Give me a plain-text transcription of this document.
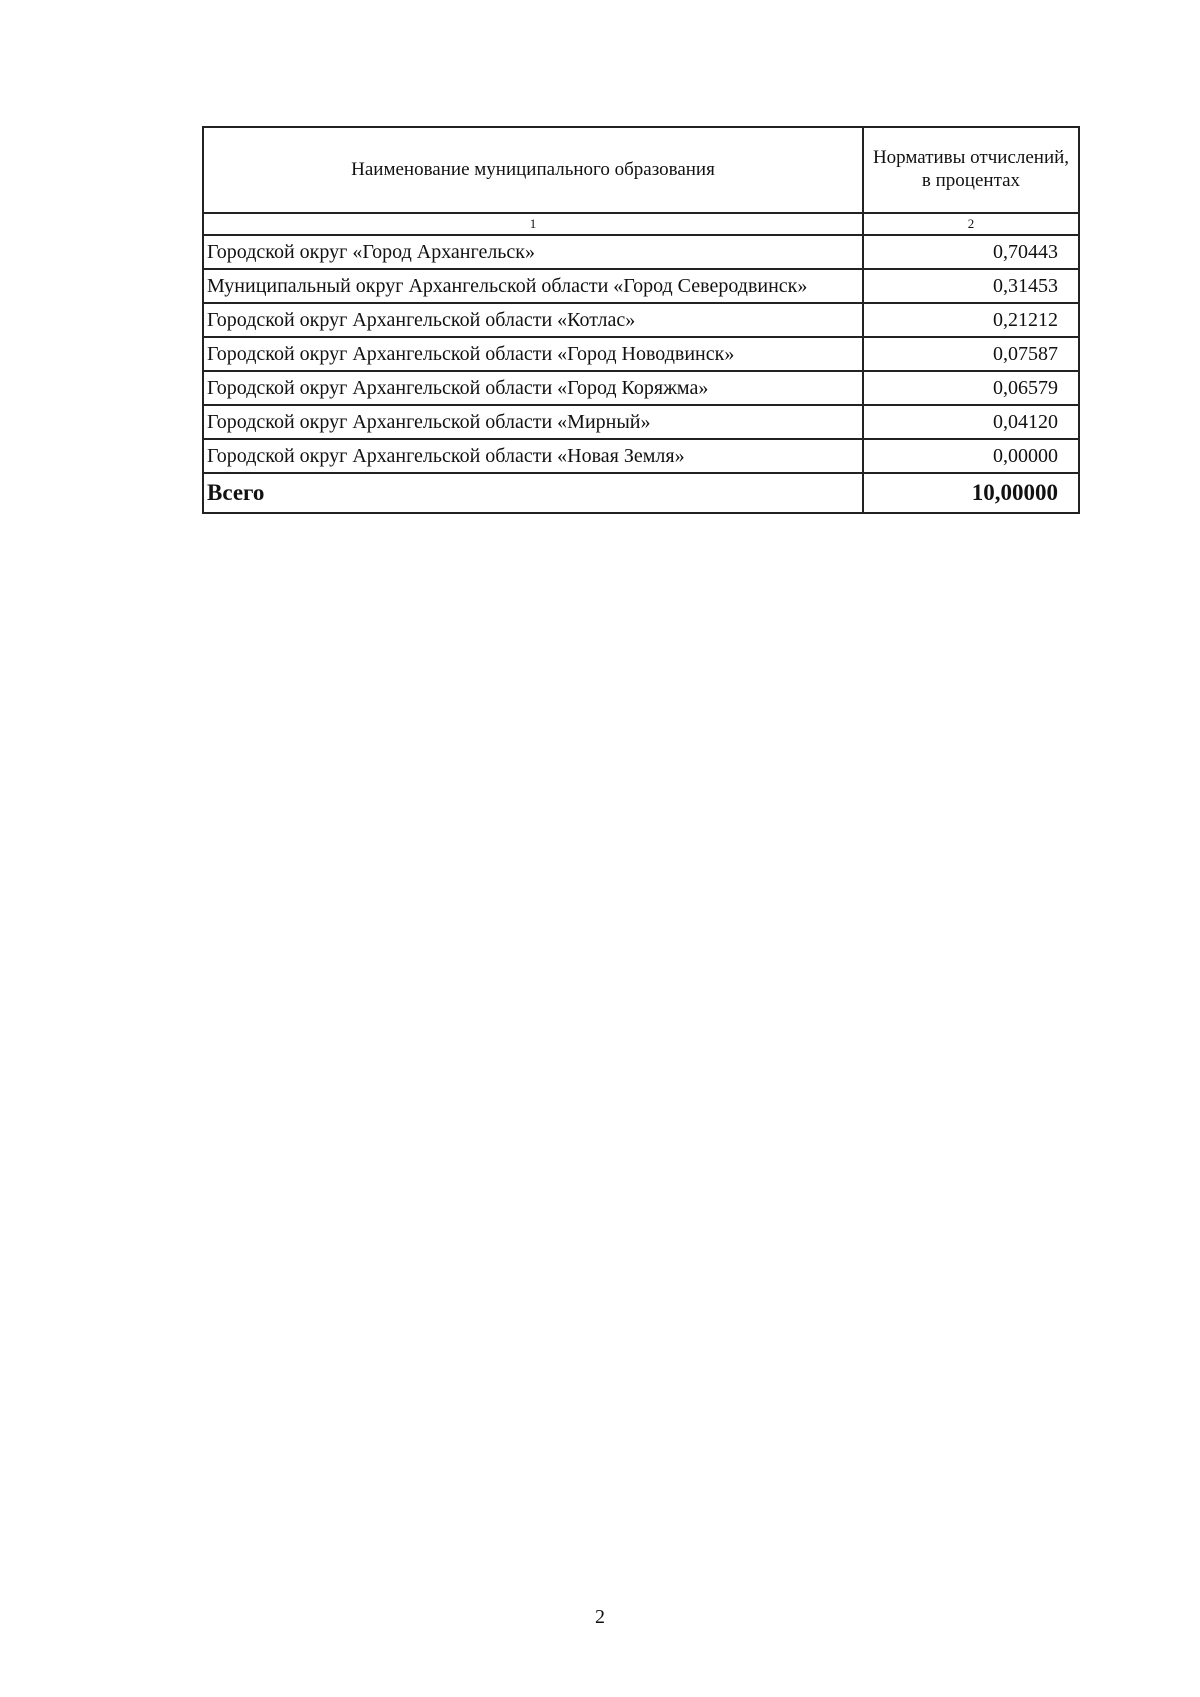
Наименование муниципального образования	Нормативы отчислений,
в процентах
1	2
Городской округ «Город Архангельск»	0,70443
Муниципальный округ Архангельской области «Город Северодвинск»	0,31453
Городской округ Архангельской области «Котлас»	0,21212
Городской округ Архангельской области «Город Новодвинск»	0,07587
Городской округ Архангельской области «Город Коряжма»	0,06579
Городской округ Архангельской области «Мирный»	0,04120
Городской округ Архангельской области «Новая Земля»	0,00000
Всего	10,00000
2
